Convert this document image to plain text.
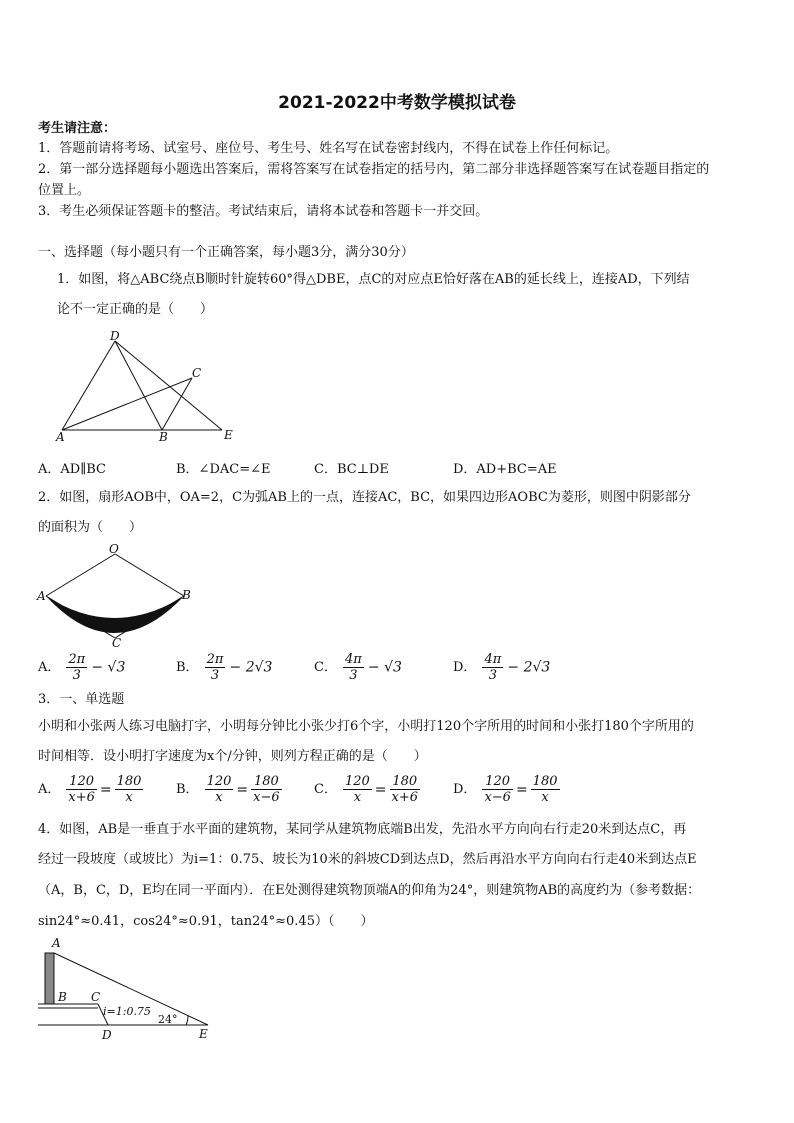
2021-2022中考数学模拟试卷
考生请注意：
1．答题前请将考场、试室号、座位号、考生号、姓名写在试卷密封线内，不得在试卷上作任何标记。
2．第一部分选择题每小题选出答案后，需将答案写在试卷指定的括号内，第二部分非选择题答案写在试卷题目指定的
位置上。
3．考生必须保证答题卡的整洁。考试结束后，请将本试卷和答题卡一并交回。
一、选择题（每小题只有一个正确答案，每小题3分，满分30分）
1．如图，将△ABC绕点B顺时针旋转60°得△DBE，点C的对应点E恰好落在AB的延长线上，连接AD，下列结
论不一定正确的是（　　）
D
C
A	B	E
A．AD∥BC	B．∠DAC=∠E	C．BC⊥DE	D．AD+BC=AE
2．如图，扇形AOB中，OA=2，C为弧AB上的一点，连接AC，BC，如果四边形AOBC为菱形，则图中阴影部分
的面积为（　　）
O
A	B
C
A． $\frac{2\pi}{3} - √3$	B． $\frac{2\pi}{3} - 2√3$	C． $\frac{4\pi}{3} - √3$	D． $\frac{4\pi}{3} - 2√3$
3．一、单选题
小明和小张两人练习电脑打字，小明每分钟比小张少打6个字，小明打120个字所用的时间和小张打180个字所用的
时间相等．设小明打字速度为x个/分钟，则列方程正确的是（　　）
A． $\frac{120}{x+6} = \frac{180}{x}$	B． $\frac{120}{x} = \frac{180}{x-6}$ C． $\frac{120}{x} = \frac{180}{x+6}$	D． $\frac{120}{x-6} = \frac{180}{x}$
4．如图，AB是一垂直于水平面的建筑物，某同学从建筑物底端B出发，先沿水平方向向右行走20米到达点C，再
经过一段坡度（或坡比）为i=1：0.75、坡长为10米的斜坡CD到达点D，然后再沿水平方向向右行走40米到达点E
（A，B，C，D，E均在同一平面内）．在E处测得建筑物顶端A的仰角为24°，则建筑物AB的高度约为（参考数据：
sin24°≈0.41，cos24°≈0.91，tan24°≈0.45）（　　）
A
B C
D	E
i=1:0.75
24°
